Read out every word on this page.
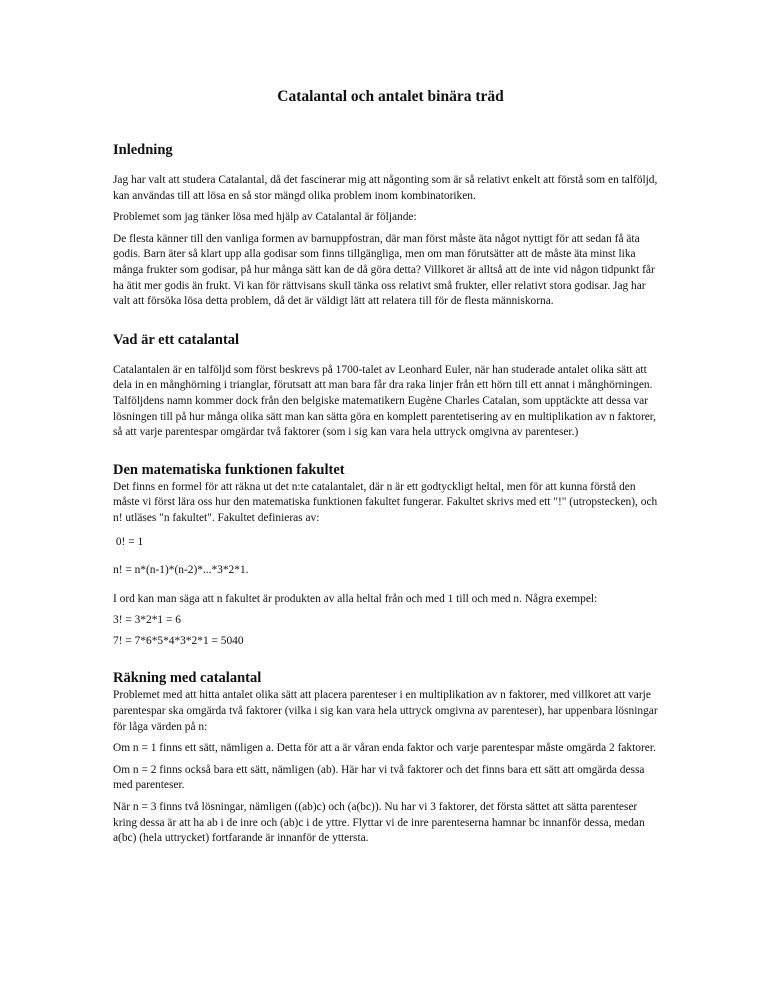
Catalantal och antalet binära träd
Inledning

Jag har valt att studera Catalantal, då det fascinerar mig att någonting som är så relativt enkelt att förstå som en talföljd, kan användas till att lösa en så stor mängd olika problem inom kombinatoriken.

Problemet som jag tänker lösa med hjälp av Catalantal är följande:

De flesta känner till den vanliga formen av barnuppfostran, där man först måste äta något nyttigt för att sedan få äta godis. Barn äter så klart upp alla godisar som finns tillgängliga, men om man förutsätter att de måste äta minst lika många frukter som godisar, på hur många sätt kan de då göra detta? Villkoret är alltså att de inte vid någon tidpunkt får ha ätit mer godis än frukt. Vi kan för rättvisans skull tänka oss relativt små frukter, eller relativt stora godisar. Jag har valt att försöka lösa detta problem, då det är väldigt lätt att relatera till för de flesta människorna.

Vad är ett catalantal

Catalantalen är en talföljd som först beskrevs på 1700-talet av Leonhard Euler, när han studerade antalet olika sätt att dela in en månghörning i trianglar, förutsatt att man bara får dra raka linjer från ett hörn till ett annat i månghörningen. Talföljdens namn kommer dock från den belgiske matematikern Eugène Charles Catalan, som upptäckte att dessa var lösningen till på hur många olika sätt man kan sätta göra en komplett parentetisering av en multiplikation av n faktorer, så att varje parentespar omgärdar två faktorer (som i sig kan vara hela uttryck omgivna av parenteser.)

Den matematiska funktionen fakultet

Det finns en formel för att räkna ut det n:te catalantalet, där n är ett godtyckligt heltal, men för att kunna förstå den måste vi först lära oss hur den matematiska funktionen fakultet fungerar. Fakultet skrivs med ett "!" (utropstecken), och n! utläses "n fakultet". Fakultet definieras av:

0! = 1

n! = n*(n-1)*(n-2)*...*3*2*1.

I ord kan man säga att n fakultet är produkten av alla heltal från och med 1 till och med n. Några exempel:

3! = 3*2*1 = 6

7! = 7*6*5*4*3*2*1 = 5040

Räkning med catalantal

Problemet med att hitta antalet olika sätt att placera parenteser i en multiplikation av n faktorer, med villkoret att varje parentespar ska omgärda två faktorer (vilka i sig kan vara hela uttryck omgivna av parenteser), har uppenbara lösningar för låga värden på n:

Om n = 1 finns ett sätt, nämligen a. Detta för att a är våran enda faktor och varje parentespar måste omgärda 2 faktorer.

Om n = 2 finns också bara ett sätt, nämligen (ab). Här har vi två faktorer och det finns bara ett sätt att omgärda dessa med parenteser.

När n = 3 finns två lösningar, nämligen ((ab)c) och (a(bc)). Nu har vi 3 faktorer, det första sättet att sätta parenteser kring dessa är att ha ab i de inre och (ab)c i de yttre. Flyttar vi de inre parenteserna hamnar bc innanför dessa, medan a(bc) (hela uttrycket) fortfarande är innanför de yttersta.
